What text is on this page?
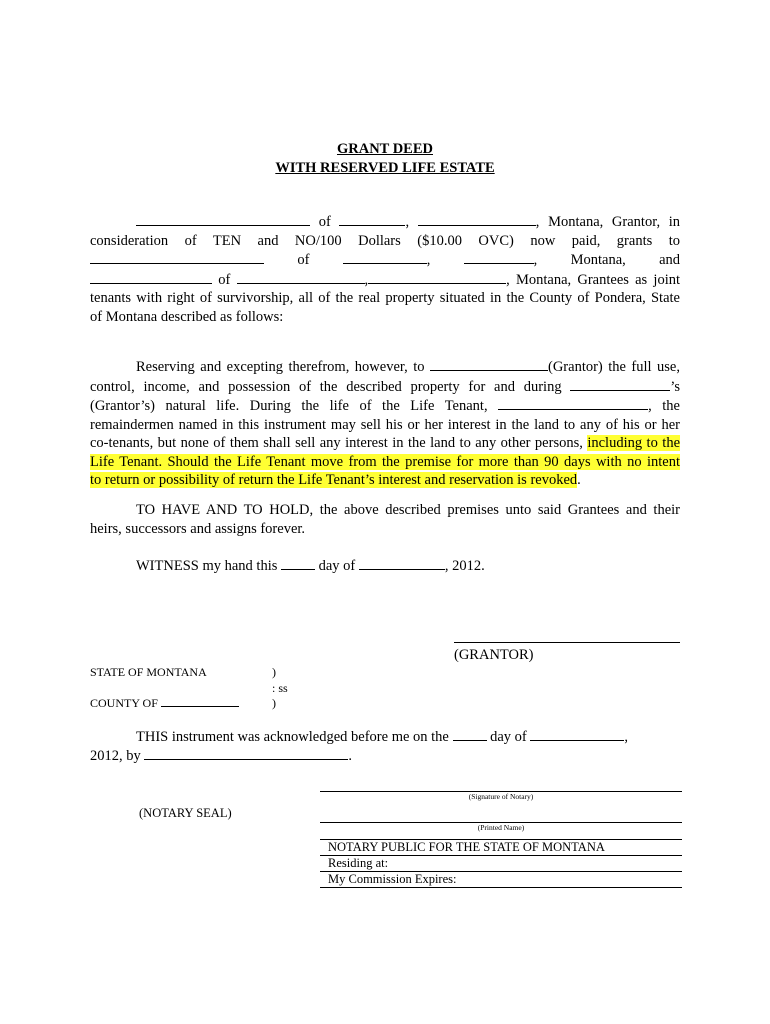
GRANT DEED
WITH RESERVED LIFE ESTATE
of	,	, Montana, Grantor, in
consideration of TEN and NO/100 Dollars ($10.00 OVC) now paid, grants to
of	,	, Montana, and
of	,	, Montana, Grantees as joint
tenants with right of survivorship, all of the real property situated in the County of Pondera, State
of Montana described as follows:
Reserving and excepting therefrom, however, to	(Grantor) the full use,
control, income, and possession of the described property for and during	’s
(Grantor’s) natural life. During the life of the Life Tenant,	, the
remaindermen named in this instrument may sell his or her interest in the land to any of his or her
co-tenants, but none of them shall sell any interest in the land to any other persons, including to the
Life Tenant. Should the Life Tenant move from the premise for more than 90 days with no intent
to return or possibility of return the Life Tenant’s interest and reservation is revoked.
TO HAVE AND TO HOLD, the above described premises unto said Grantees and their
heirs, successors and assigns forever.
WITNESS my hand this	day of	, 2012.
(GRANTOR)
STATE OF MONTANA
COUNTY OF
)
: ss
)
THIS instrument was acknowledged before me on the	day of	,
2012, by	.
(Signature of Notary)
(NOTARY SEAL)
(Printed Name)
NOTARY PUBLIC FOR THE STATE OF MONTANA
Residing at:
My Commission Expires:
